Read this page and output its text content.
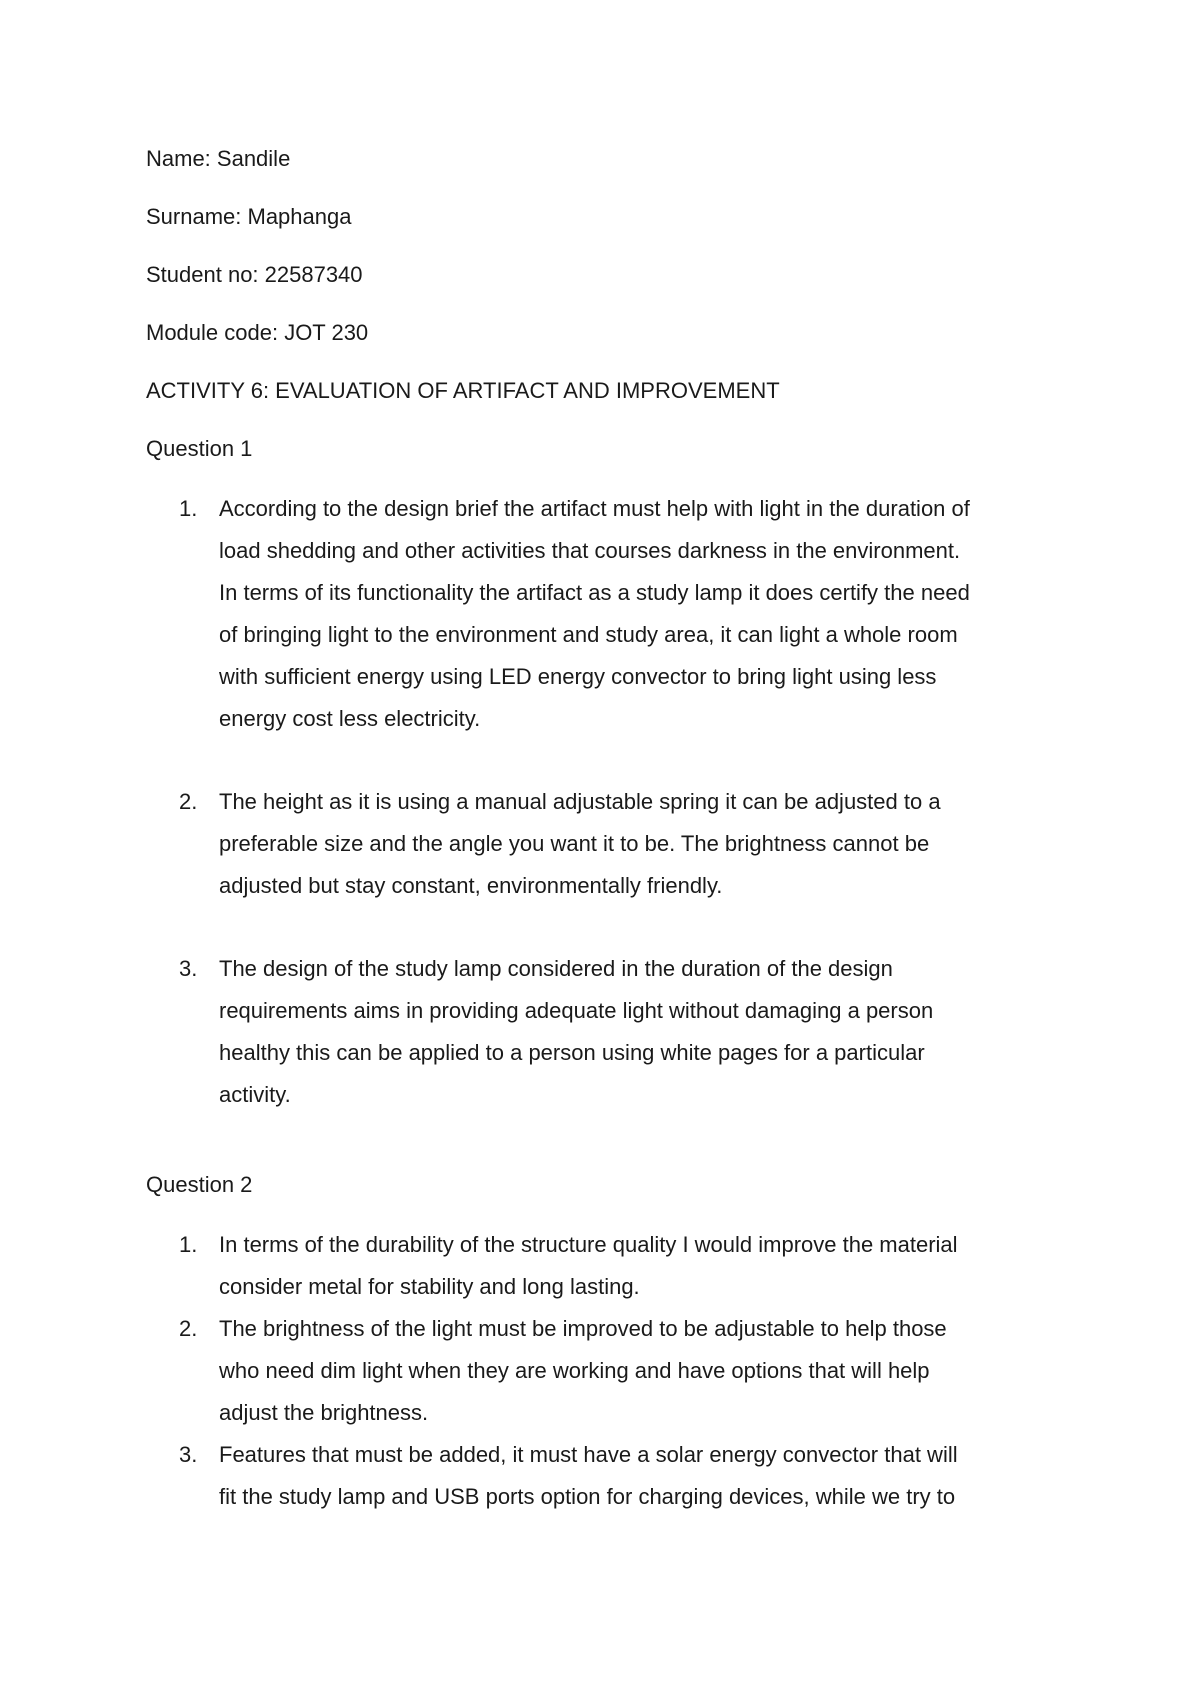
Name: Sandile

Surname: Maphanga

Student no: 22587340

Module code: JOT 230

ACTIVITY 6: EVALUATION OF ARTIFACT AND IMPROVEMENT

Question 1

1. According to the design brief the artifact must help with light in the duration of
load shedding and other activities that courses darkness in the environment.
In terms of its functionality the artifact as a study lamp it does certify the need
of bringing light to the environment and study area, it can light a whole room
with sufficient energy using LED energy convector to bring light using less
energy cost less electricity.

2. The height as it is using a manual adjustable spring it can be adjusted to a
preferable size and the angle you want it to be. The brightness cannot be
adjusted but stay constant, environmentally friendly.

3. The design of the study lamp considered in the duration of the design
requirements aims in providing adequate light without damaging a person
healthy this can be applied to a person using white pages for a particular
activity.

Question 2

1. In terms of the durability of the structure quality I would improve the material
consider metal for stability and long lasting.

2. The brightness of the light must be improved to be adjustable to help those
who need dim light when they are working and have options that will help
adjust the brightness.

3. Features that must be added, it must have a solar energy convector that will
fit the study lamp and USB ports option for charging devices, while we try to
